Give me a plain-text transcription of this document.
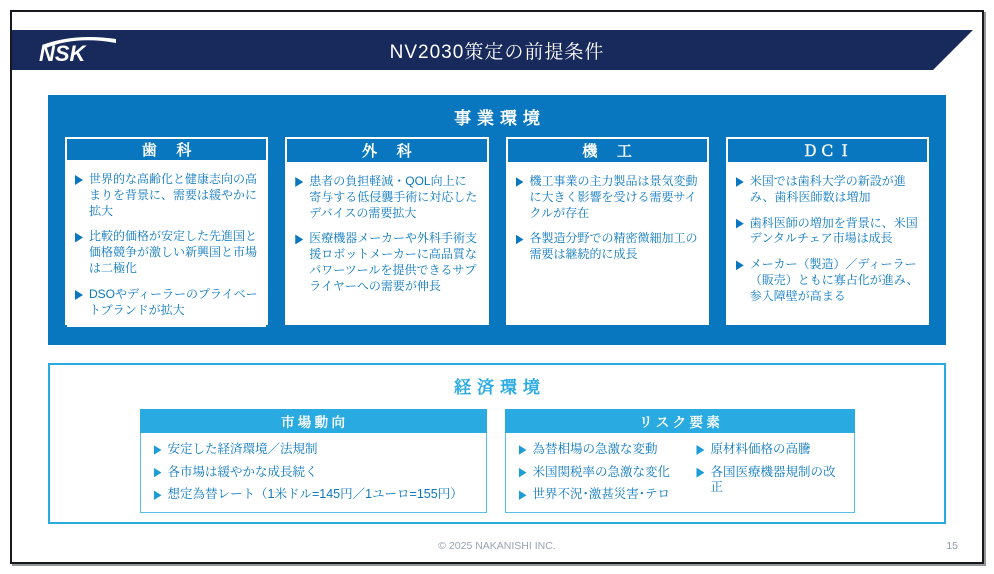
NSK	NV2030策定の前提条件
事業環境
歯　科
世界的な高齢化と健康志向の高まりを背景に、需要は緩やかに拡大
比較的価格が安定した先進国と価格競争が激しい新興国と市場は二極化
DSOやディーラーのプライベートブランドが拡大
外　科
患者の負担軽減・QOL向上に寄与する低侵襲手術に対応したデバイスの需要拡大
医療機器メーカーや外科手術支援ロボットメーカーに高品質なパワーツールを提供できるサプライヤーへの需要が伸長
機　工
機工事業の主力製品は景気変動に大きく影響を受ける需要サイクルが存在
各製造分野での精密微細加工の需要は継続的に成長
ＤＣＩ
米国では歯科大学の新設が進み、歯科医師数は増加
歯科医師の増加を背景に、米国デンタルチェア市場は成長
メーカー（製造）／ディーラー（販売）ともに寡占化が進み、参入障壁が高まる
経済環境
市場動向
安定した経済環境／法規制
各市場は緩やかな成長続く
想定為替レート（1米ドル=145円／1ユーロ=155円）
リスク要素
為替相場の急激な変動
米国関税率の急激な変化
世界不況･激甚災害･テロ
原材料価格の高騰
各国医療機器規制の改正
© 2025 NAKANISHI INC.	15
